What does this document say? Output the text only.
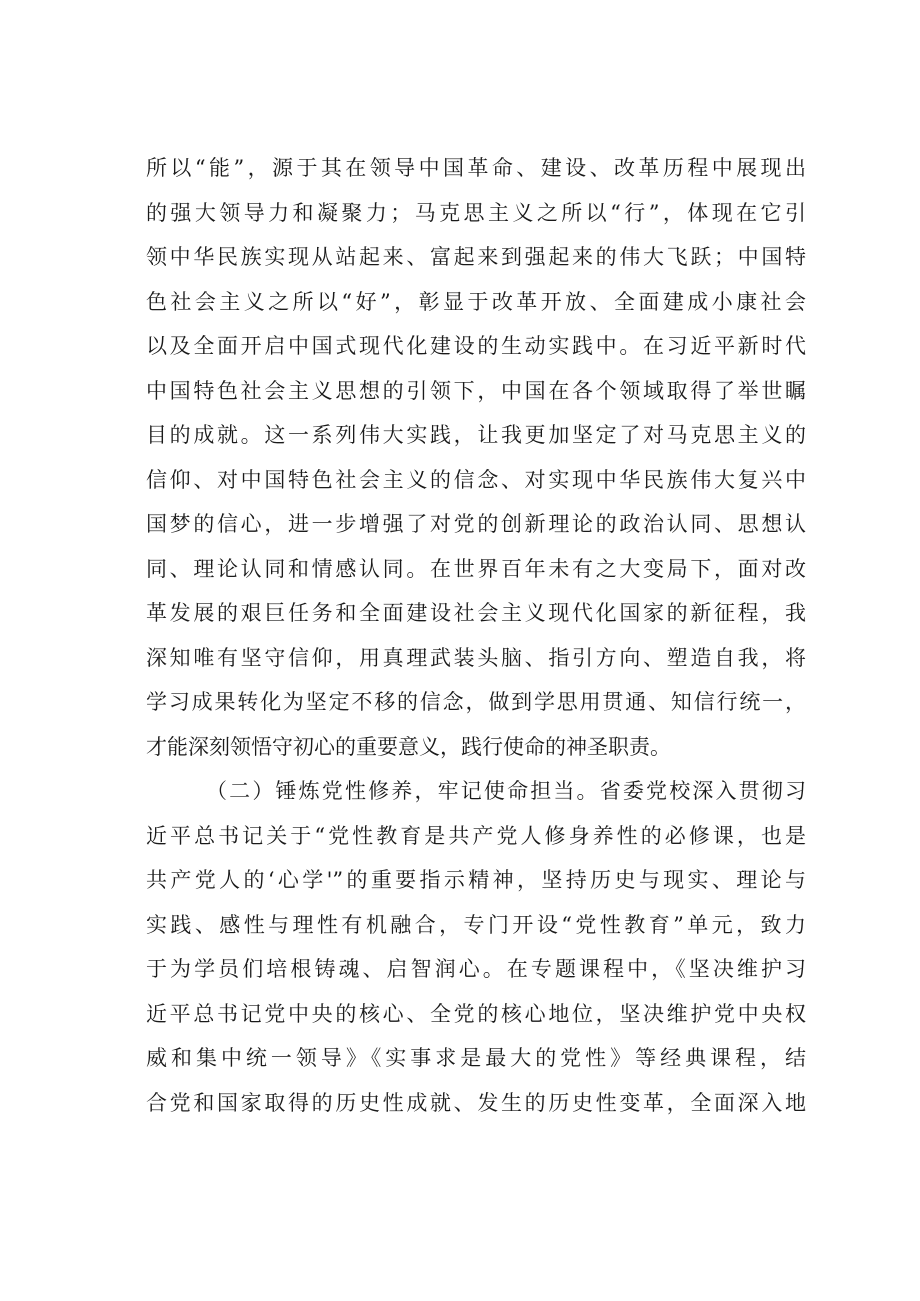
所以“能”，源于其在领导中国革命、建设、改革历程中展现出
的强大领导力和凝聚力；马克思主义之所以“行”，体现在它引
领中华民族实现从站起来、富起来到强起来的伟大飞跃；中国特
色社会主义之所以“好”，彰显于改革开放、全面建成小康社会
以及全面开启中国式现代化建设的生动实践中。在习近平新时代
中国特色社会主义思想的引领下，中国在各个领域取得了举世瞩
目的成就。这一系列伟大实践，让我更加坚定了对马克思主义的
信仰、对中国特色社会主义的信念、对实现中华民族伟大复兴中
国梦的信心，进一步增强了对党的创新理论的政治认同、思想认
同、理论认同和情感认同。在世界百年未有之大变局下，面对改
革发展的艰巨任务和全面建设社会主义现代化国家的新征程，我
深知唯有坚守信仰，用真理武装头脑、指引方向、塑造自我，将
学习成果转化为坚定不移的信念，做到学思用贯通、知信行统一，
才能深刻领悟守初心的重要意义，践行使命的神圣职责。
（二）锤炼党性修养，牢记使命担当。省委党校深入贯彻习
近平总书记关于“党性教育是共产党人修身养性的必修课，也是
共产党人的‘心学'”的重要指示精神，坚持历史与现实、理论与
实践、感性与理性有机融合，专门开设“党性教育”单元，致力
于为学员们培根铸魂、启智润心。在专题课程中，《坚决维护习
近平总书记党中央的核心、全党的核心地位，坚决维护党中央权
威和集中统一领导》《实事求是最大的党性》等经典课程，结
合党和国家取得的历史性成就、发生的历史性变革，全面深入地
